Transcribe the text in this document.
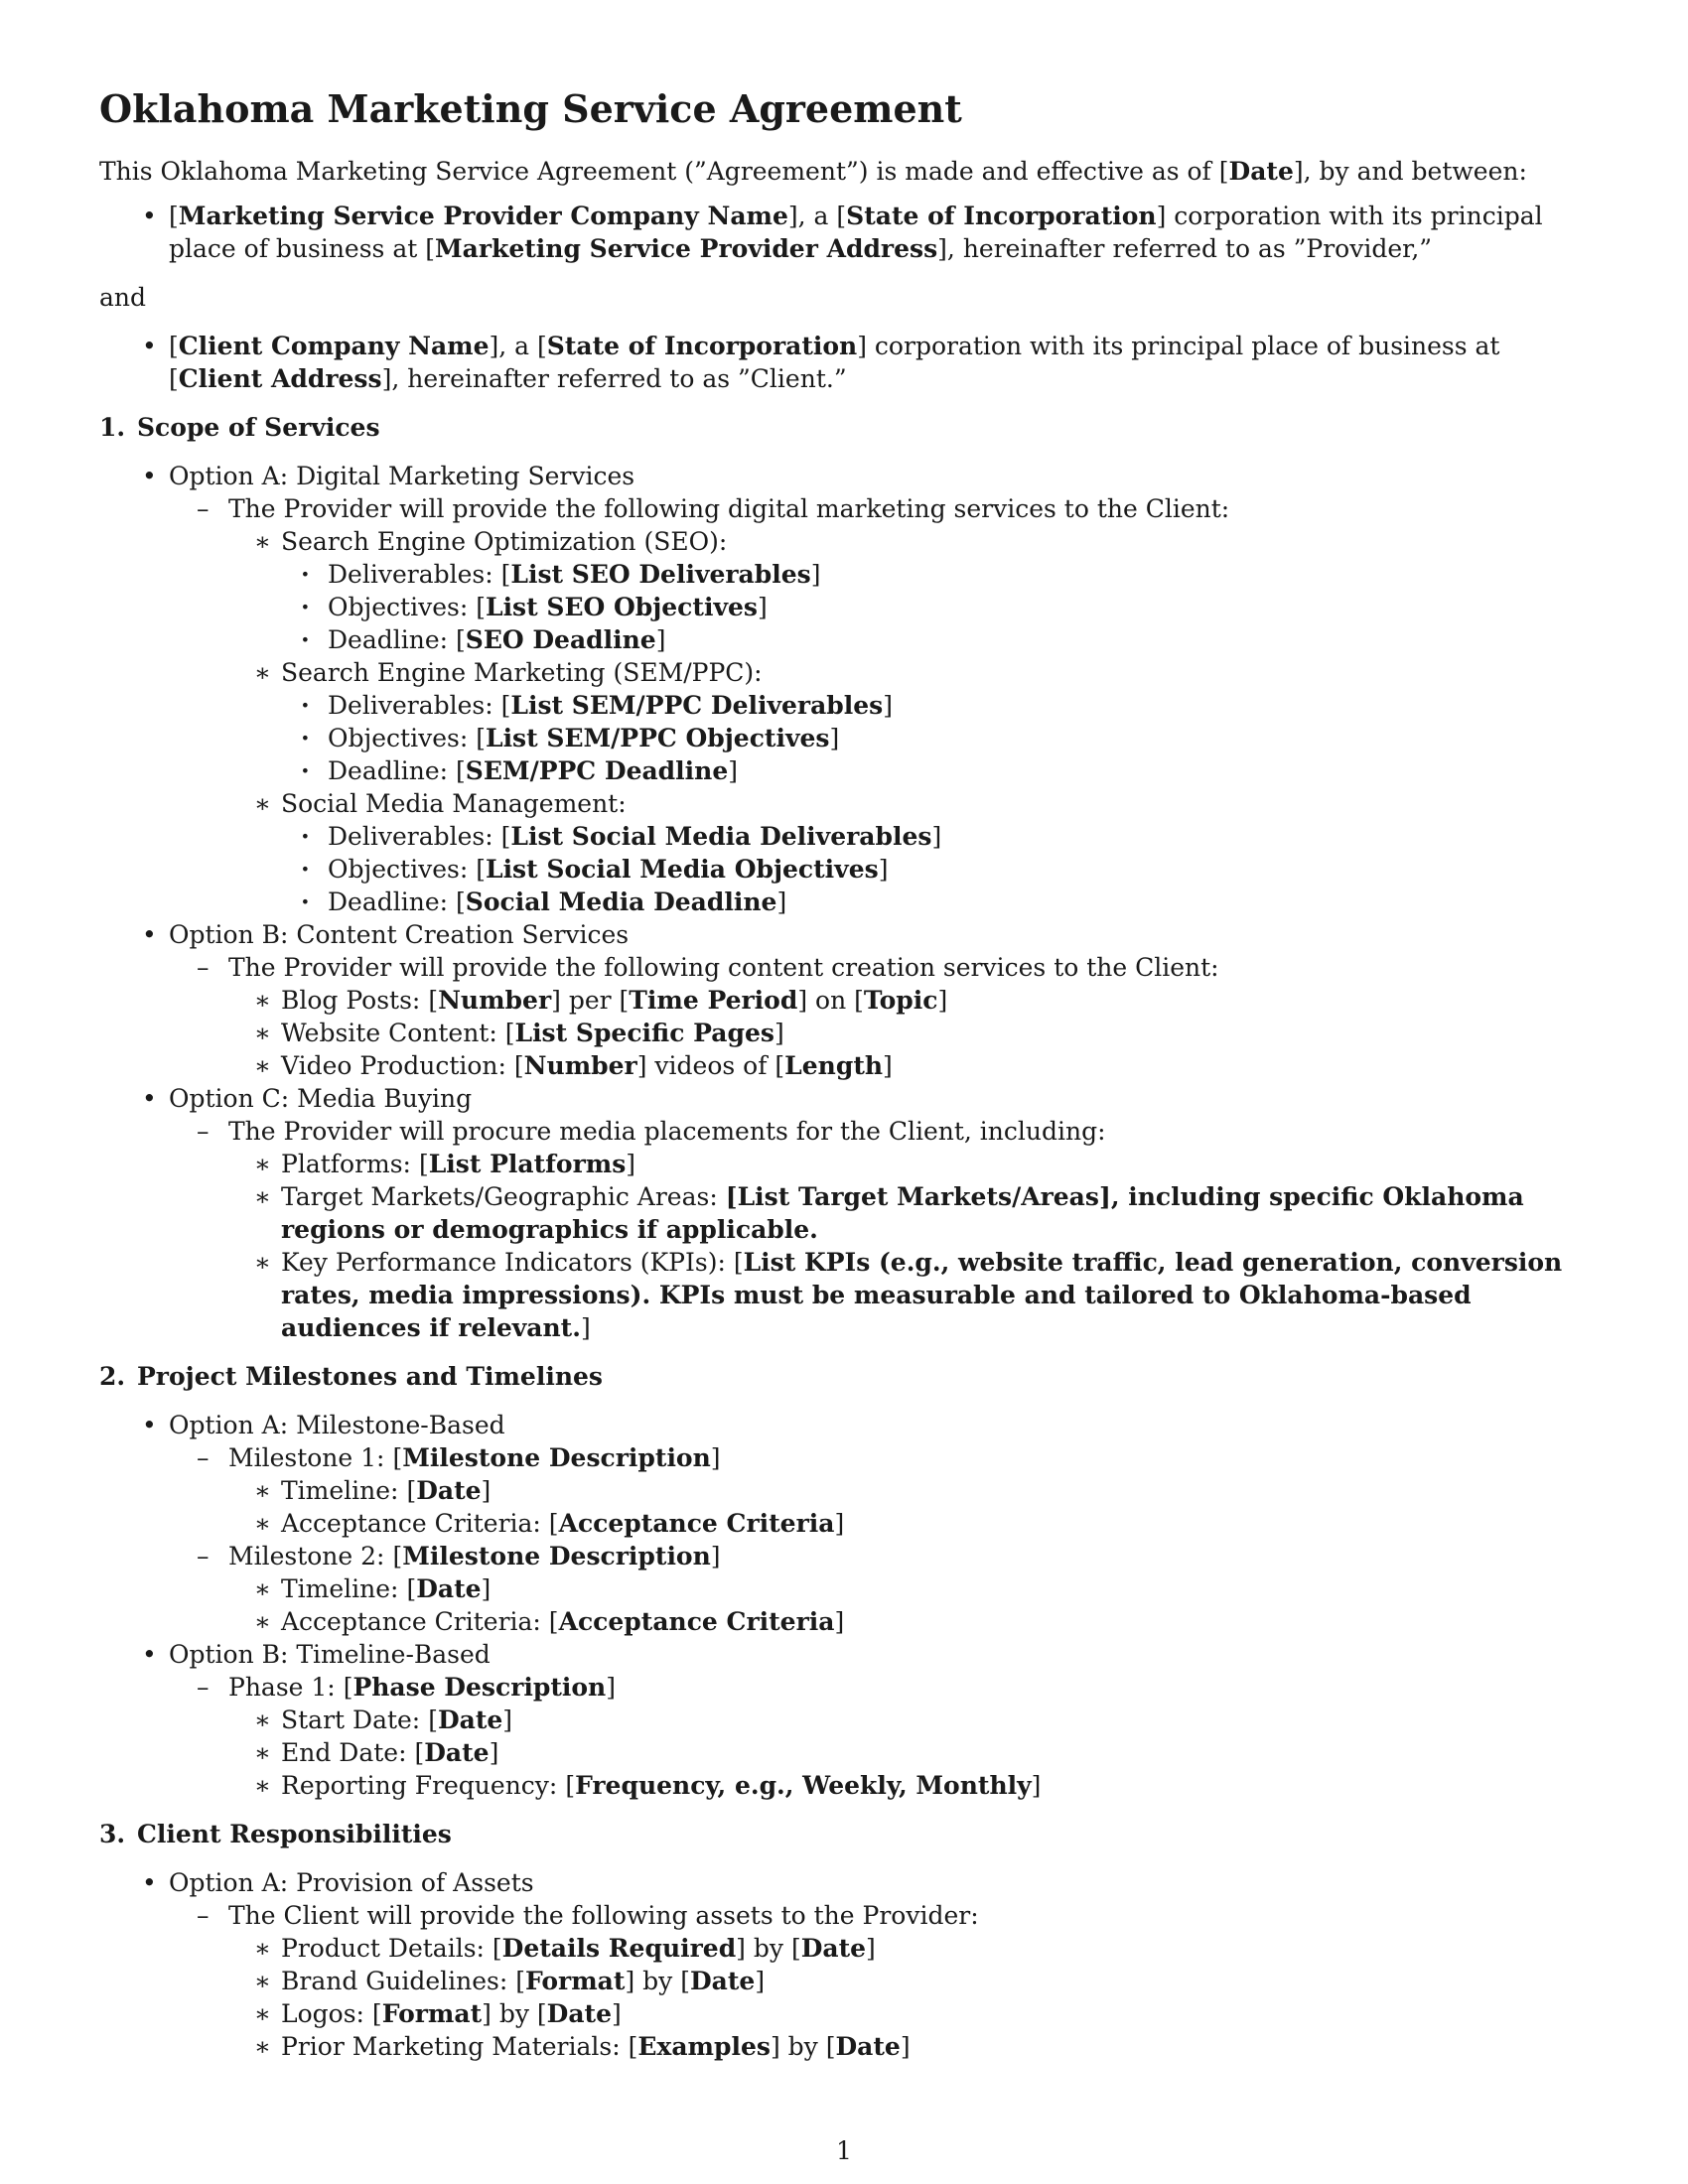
Oklahoma Marketing Service Agreement

This Oklahoma Marketing Service Agreement (”Agreement”) is made and effective as of [Date], by and between:

• [Marketing Service Provider Company Name], a [State of Incorporation] corporation with its principal place of business at [Marketing Service Provider Address], hereinafter referred to as ”Provider,”

and

• [Client Company Name], a [State of Incorporation] corporation with its principal place of business at [Client Address], hereinafter referred to as ”Client.”
1. Scope of Services
• Option A: Digital Marketing Services
– The Provider will provide the following digital marketing services to the Client:
∗ Search Engine Optimization (SEO):
· Deliverables: [List SEO Deliverables]
· Objectives: [List SEO Objectives]
· Deadline: [SEO Deadline]
∗ Search Engine Marketing (SEM/PPC):
· Deliverables: [List SEM/PPC Deliverables]
· Objectives: [List SEM/PPC Objectives]
· Deadline: [SEM/PPC Deadline]
∗ Social Media Management:
· Deliverables: [List Social Media Deliverables]
· Objectives: [List Social Media Objectives]
· Deadline: [Social Media Deadline]
• Option B: Content Creation Services
– The Provider will provide the following content creation services to the Client:
∗ Blog Posts: [Number] per [Time Period] on [Topic]
∗ Website Content: [List Specific Pages]
∗ Video Production: [Number] videos of [Length]
• Option C: Media Buying
– The Provider will procure media placements for the Client, including:
∗ Platforms: [List Platforms]
∗ Target Markets/Geographic Areas: [List Target Markets/Areas], including specific Oklahoma regions or demographics if applicable.
∗ Key Performance Indicators (KPIs): [List KPIs (e.g., website traffic, lead generation, conversion rates, media impressions). KPIs must be measurable and tailored to Oklahoma-based audiences if relevant.]
2. Project Milestones and Timelines
• Option A: Milestone-Based
– Milestone 1: [Milestone Description]
∗ Timeline: [Date]
∗ Acceptance Criteria: [Acceptance Criteria]
– Milestone 2: [Milestone Description]
∗ Timeline: [Date]
∗ Acceptance Criteria: [Acceptance Criteria]
• Option B: Timeline-Based
– Phase 1: [Phase Description]
∗ Start Date: [Date]
∗ End Date: [Date]
∗ Reporting Frequency: [Frequency, e.g., Weekly, Monthly]
3. Client Responsibilities
• Option A: Provision of Assets
– The Client will provide the following assets to the Provider:
∗ Product Details: [Details Required] by [Date]
∗ Brand Guidelines: [Format] by [Date]
∗ Logos: [Format] by [Date]
∗ Prior Marketing Materials: [Examples] by [Date]
1
